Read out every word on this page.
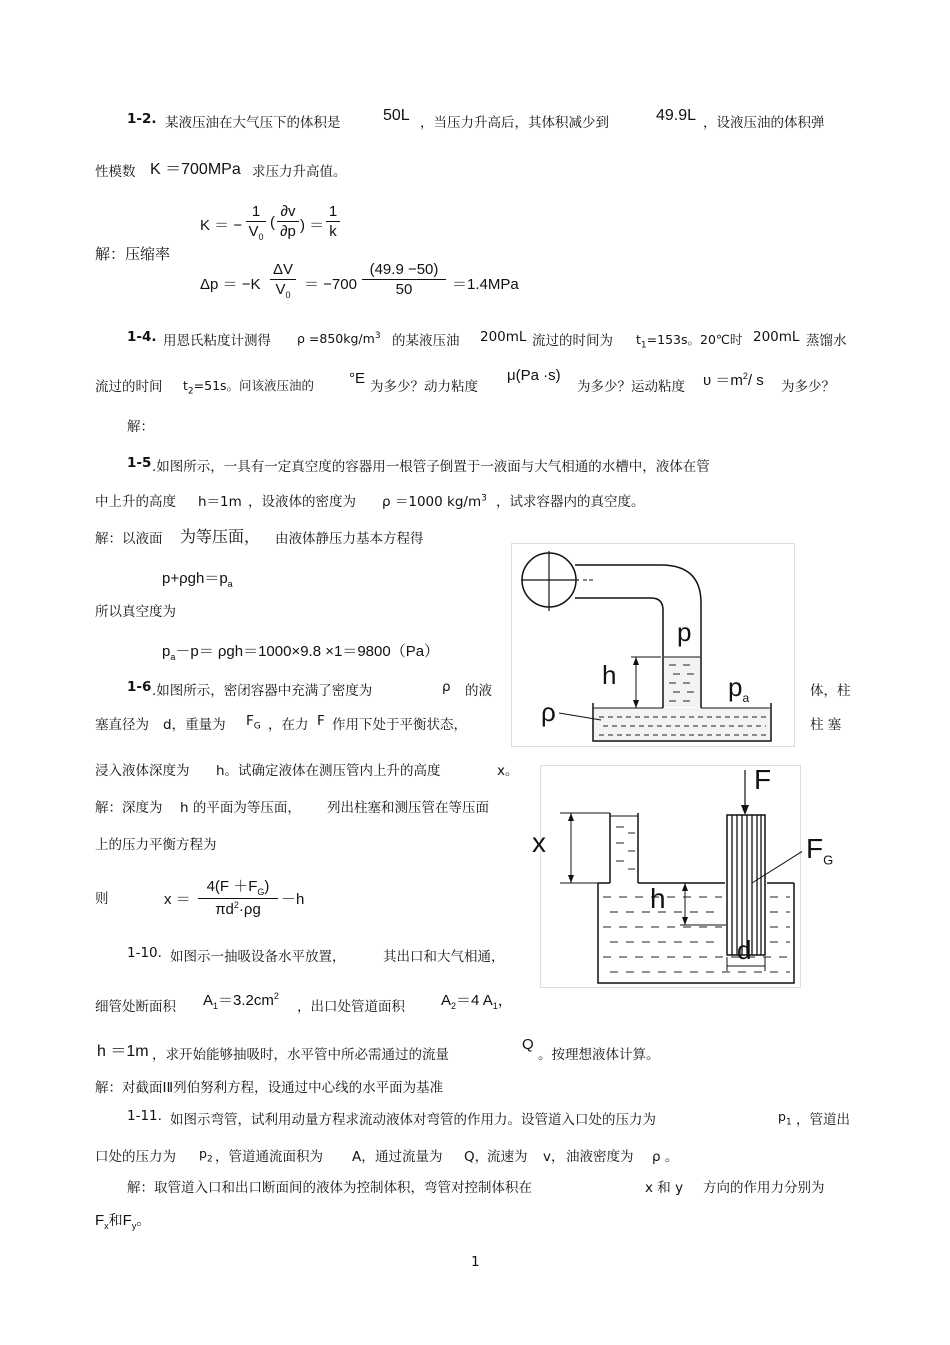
1-2. 某液压油在大气压下的体积是	50L ，当压力升高后，其体积减少到	49.9L ，设液压油的体积弹
性模数 K ＝700MPa 求压力升高值。
解：压缩率
K ＝ −
1
$V_0$
(
∂v
∂p ) ＝
1
k
Δp ＝ −K
ΔV
$V_0$
＝ −700
(49.9 −50)
50	＝1.4MPa
1-4. 用恩氏粘度计测得 $\rho =850kg/m^3$ 的某液压油 200mL 流过的时间为 $t_1=153s$。20℃时 200mL 蒸馏水
流过的时间 $t_2=51s$。问该液压油的 °E 为多少？动力粘度
μ(Pa ·s)
为多少？运动粘度 $\upsilon =m^2/$ s 为多少？
解：
1-5 .如图所示，一具有一定真空度的容器用一根管子倒置于一液面与大气相通的水槽中，液体在管
中上升的高度 h＝1m ，设液体的密度为 ρ ＝1000 $kg/m^3$ ，试求容器内的真空度。
解：以液面 为等压面， 由液体静压力基本方程得
$p+\rho gh=p_a$
所以真空度为
$p_a-p= \rho gh=1000\times 9.8 \times 1=9800(Pa)$
p
h	$p_a$
ρ
1-6 .如图所示，密闭容器中充满了密度为	ρ 的液	体，柱
塞直径为 d，重量为 $F_G$ ，在力 F 作用下处于平衡状态，	柱 塞
浸入液体深度为 h。试确定液体在测压管内上升的高度	x。
解：深度为 h 的平面为等压面， 列出柱塞和测压管在等压面
上的压力平衡方程为
则	x ＝
$4(F +F_G)$
$\pi d^2\cdot\rho g$
－h
F
x	$F_G$
h
d
1-10. 如图示一抽吸设备水平放置，	其出口和大气相通，
细管处断面积 $A_1=3.2cm^2$
，出口处管道面积 $A_2=4$ $A_1$，
h ＝1m ，求开始能够抽吸时，水平管中所必需通过的流量
Q
。按理想液体计算。
解：对截面ⅠⅡ列伯努利方程，设通过中心线的水平面为基准
1-11. 如图示弯管，试利用动量方程求流动液体对弯管的作用力。设管道入口处的压力为	$p_1$ ，管道出
口处的压力为 $p_2$ ，管道通流面积为 A， 通过流量为 Q，
流速为 v， 油液密度为 ρ 。
解：取管道入口和出口断面间的液体为控制体积，弯管对控制体积在	x 和 y 方向的作用力分别为
$F_x$和$F_y$。
1
